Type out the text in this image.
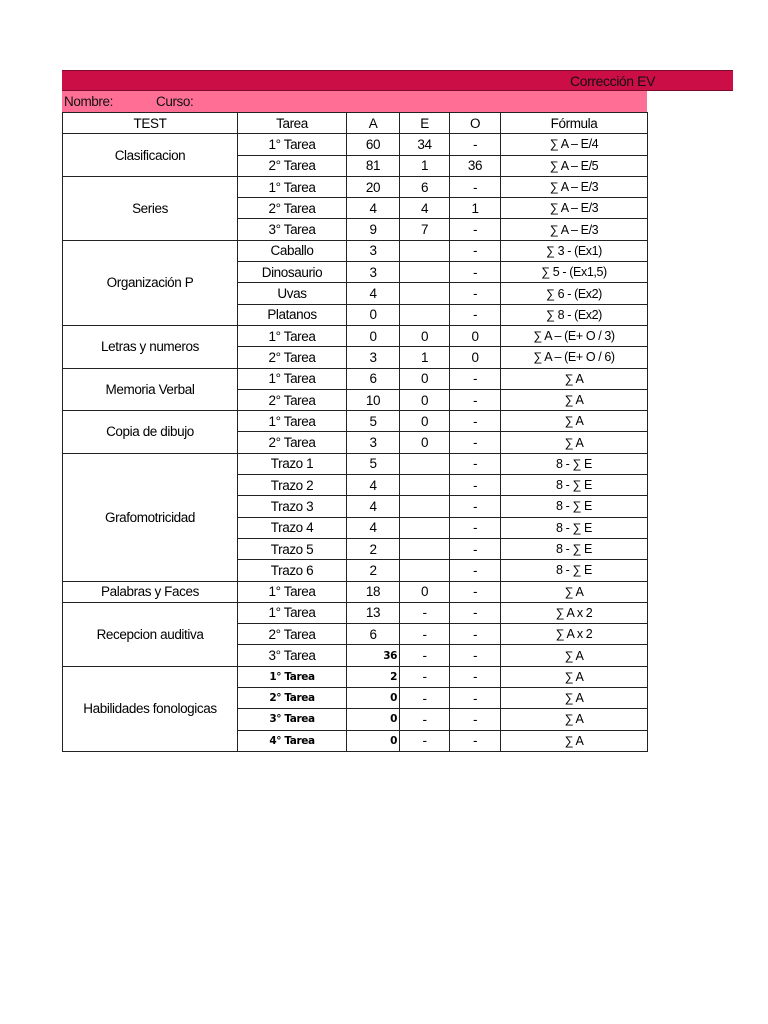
Corrección EV
Nombre:	Curso:
TEST	Tarea	A	E	O	Fórmula
Clasificacion	1° Tarea	60	34	-	∑ A – E/4
	2° Tarea	81	1	36	∑ A – E/5
Series	1° Tarea	20	6	-	∑ A – E/3
	2° Tarea	4	4	1	∑ A – E/3
	3° Tarea	9	7	-	∑ A – E/3
Organización P	Caballo	3		-	∑ 3 - (Ex1)
	Dinosaurio	3		-	∑ 5 - (Ex1,5)
	Uvas	4		-	∑ 6 - (Ex2)
	Platanos	0		-	∑ 8 - (Ex2)
Letras y numeros	1° Tarea	0	0	0	∑ A – (E+ O / 3)
	2° Tarea	3	1	0	∑ A – (E+ O / 6)
Memoria Verbal	1° Tarea	6	0	-	∑ A
	2° Tarea	10	0	-	∑ A
Copia de dibujo	1° Tarea	5	0	-	∑ A
	2° Tarea	3	0	-	∑ A
Grafomotricidad	Trazo 1	5		-	8 - ∑ E
	Trazo 2	4		-	8 - ∑ E
	Trazo 3	4		-	8 - ∑ E
	Trazo 4	4		-	8 - ∑ E
	Trazo 5	2		-	8 - ∑ E
	Trazo 6	2		-	8 - ∑ E
Palabras y Faces	1° Tarea	18	0	-	∑ A
Recepcion auditiva	1° Tarea	13	-	-	∑ A x 2
	2° Tarea	6	-	-	∑ A x 2
	3° Tarea	36	-	-	∑ A
Habilidades fonologicas	1° Tarea	2	-	-	∑ A
	2° Tarea	0	-	-	∑ A
	3° Tarea	0	-	-	∑ A
	4° Tarea	0	-	-	∑ A
